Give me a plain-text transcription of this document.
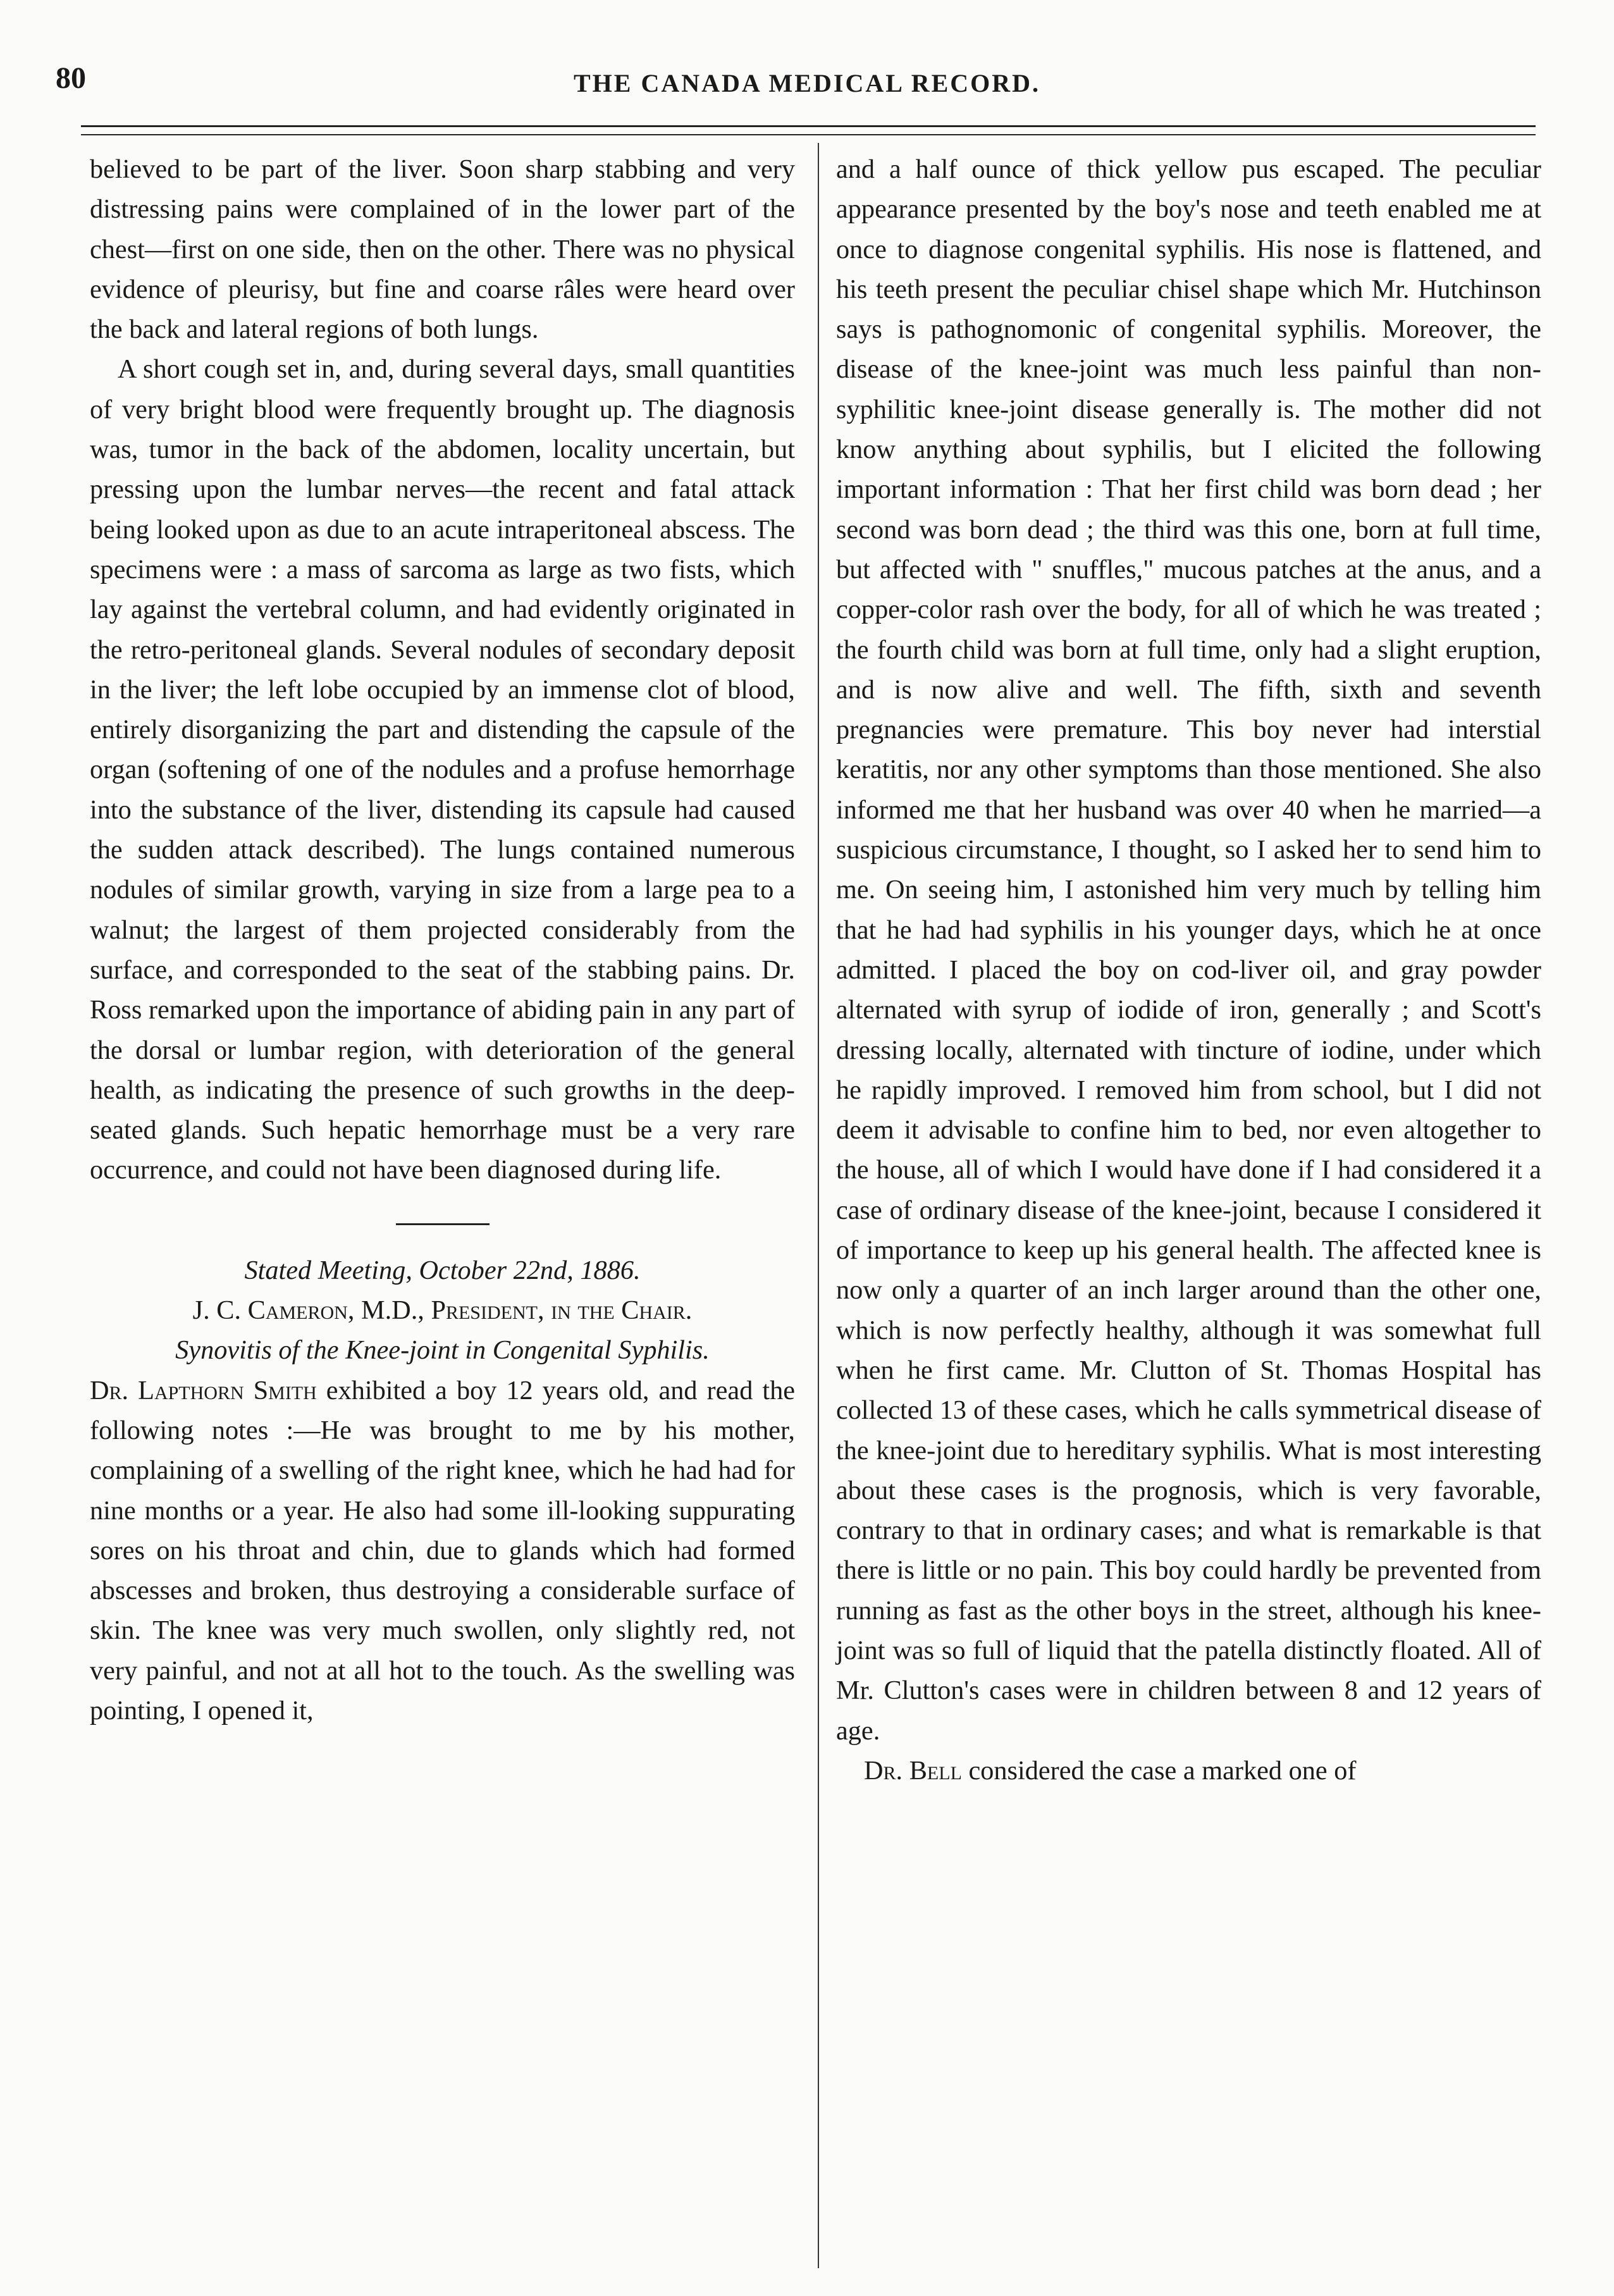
80	THE CANADA MEDICAL RECORD.

believed to be part of the liver. Soon sharp stabbing and very distressing pains were complained of in the lower part of the chest—first on one side, then on the other. There was no physical evidence of pleurisy, but fine and coarse râles were heard over the back and lateral regions of both lungs.

A short cough set in, and, during several days, small quantities of very bright blood were frequently brought up. The diagnosis was, tumor in the back of the abdomen, locality uncertain, but pressing upon the lumbar nerves—the recent and fatal attack being looked upon as due to an acute intraperitoneal abscess. The specimens were : a mass of sarcoma as large as two fists, which lay against the vertebral column, and had evidently originated in the retro-peritoneal glands. Several nodules of secondary deposit in the liver; the left lobe occupied by an immense clot of blood, entirely disorganizing the part and distending the capsule of the organ (softening of one of the nodules and a profuse hemorrhage into the substance of the liver, distending its capsule had caused the sudden attack described). The lungs contained numerous nodules of similar growth, varying in size from a large pea to a walnut; the largest of them projected considerably from the surface, and corresponded to the seat of the stabbing pains. Dr. Ross remarked upon the importance of abiding pain in any part of the dorsal or lumbar region, with deterioration of the general health, as indicating the presence of such growths in the deep-seated glands. Such hepatic hemorrhage must be a very rare occurrence, and could not have been diagnosed during life.

Stated Meeting, October 22nd, 1886.

J. C. Cameron, M.D., President, in the Chair.

Synovitis of the Knee-joint in Congenital Syphilis.

Dr. Lapthorn Smith exhibited a boy 12 years old, and read the following notes :—He was brought to me by his mother, complaining of a swelling of the right knee, which he had had for nine months or a year. He also had some ill-looking suppurating sores on his throat and chin, due to glands which had formed abscesses and broken, thus destroying a considerable surface of skin. The knee was very much swollen, only slightly red, not very painful, and not at all hot to the touch. As the swelling was pointing, I opened it,

and a half ounce of thick yellow pus escaped. The peculiar appearance presented by the boy's nose and teeth enabled me at once to diagnose congenital syphilis. His nose is flattened, and his teeth present the peculiar chisel shape which Mr. Hutchinson says is pathognomonic of congenital syphilis. Moreover, the disease of the knee-joint was much less painful than non-syphilitic knee-joint disease generally is. The mother did not know anything about syphilis, but I elicited the following important information : That her first child was born dead ; her second was born dead ; the third was this one, born at full time, but affected with " snuffles," mucous patches at the anus, and a copper-color rash over the body, for all of which he was treated ; the fourth child was born at full time, only had a slight eruption, and is now alive and well. The fifth, sixth and seventh pregnancies were premature. This boy never had interstial keratitis, nor any other symptoms than those mentioned. She also informed me that her husband was over 40 when he married—a suspicious circumstance, I thought, so I asked her to send him to me. On seeing him, I astonished him very much by telling him that he had had syphilis in his younger days, which he at once admitted. I placed the boy on cod-liver oil, and gray powder alternated with syrup of iodide of iron, generally ; and Scott's dressing locally, alternated with tincture of iodine, under which he rapidly improved. I removed him from school, but I did not deem it advisable to confine him to bed, nor even altogether to the house, all of which I would have done if I had considered it a case of ordinary disease of the knee-joint, because I considered it of importance to keep up his general health. The affected knee is now only a quarter of an inch larger around than the other one, which is now perfectly healthy, although it was somewhat full when he first came. Mr. Clutton of St. Thomas Hospital has collected 13 of these cases, which he calls symmetrical disease of the knee-joint due to hereditary syphilis. What is most interesting about these cases is the prognosis, which is very favorable, contrary to that in ordinary cases; and what is remarkable is that there is little or no pain. This boy could hardly be prevented from running as fast as the other boys in the street, although his knee-joint was so full of liquid that the patella distinctly floated. All of Mr. Clutton's cases were in children between 8 and 12 years of age.

Dr. Bell considered the case a marked one of
